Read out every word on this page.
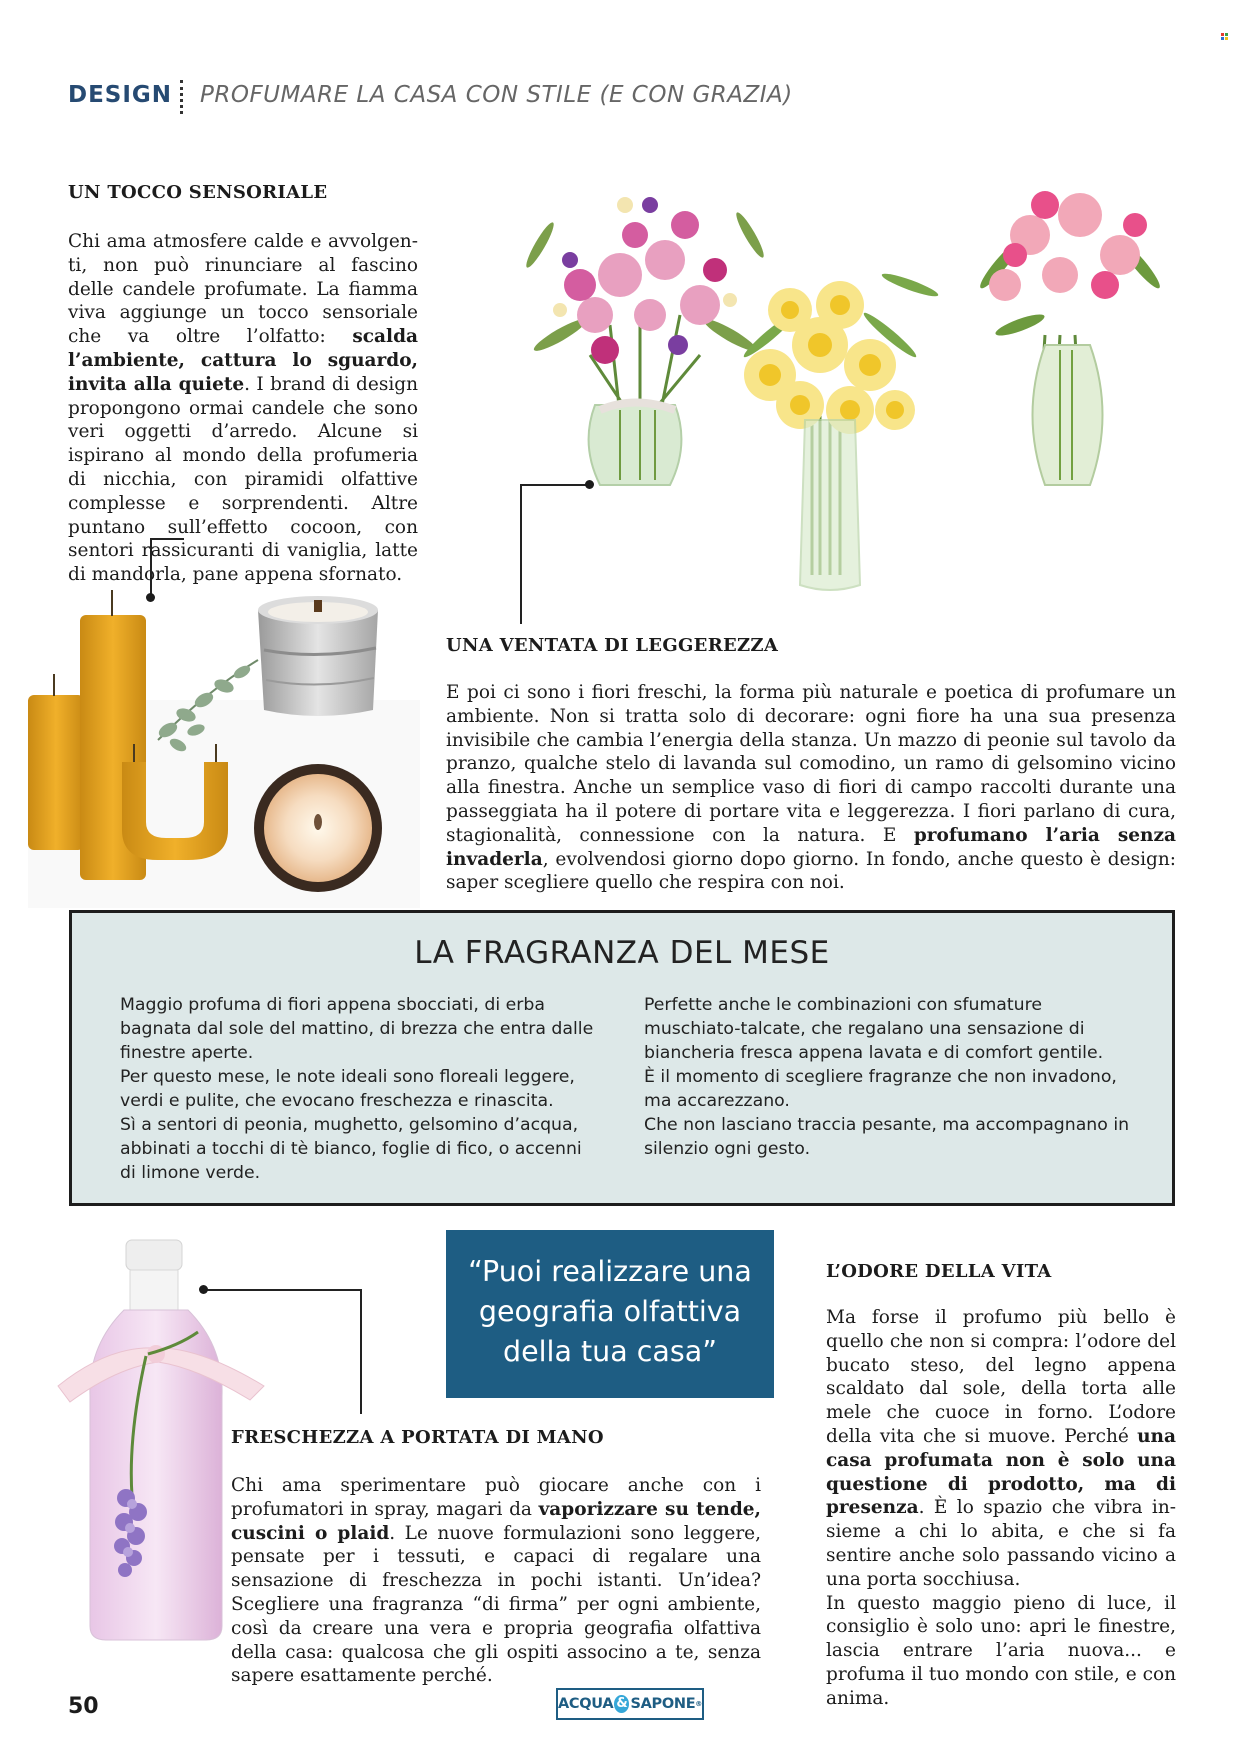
DESIGN PROFUMARE LA CASA CON STILE (E CON GRAZIA)
UN TOCCO SENSORIALE
Chi ama atmosfere calde e avvolgenti, non può rinunciare al fascino delle candele profumate. La fiamma viva aggiunge un tocco sensoriale che va oltre l’olfatto: scalda l’ambiente, cattura lo sguardo, invita alla quiete. I brand di design propongono ormai candele che sono veri oggetti d’arredo. Alcune si ispirano al mondo della profumeria di nicchia, con piramidi olfattive complesse e sorprendenti. Altre puntano sull’effetto cocoon, con sentori rassicuranti di vaniglia, latte di mandorla, pane appena sfornato.
UNA VENTATA DI LEGGEREZZA
E poi ci sono i fiori freschi, la forma più naturale e poetica di profumare un ambiente. Non si tratta solo di decorare: ogni fiore ha una sua presenza invisibile che cambia l’energia della stanza. Un mazzo di peonie sul tavolo da pranzo, qualche stelo di lavanda sul comodino, un ramo di gelsomino vicino alla finestra. Anche un semplice vaso di fiori di campo raccolti durante una passeggiata ha il potere di portare vita e leggerezza. I fiori parlano di cura, stagionalità, connessione con la natura. E profumano l’aria senza invaderla, evolvendosi giorno dopo giorno. In fondo, anche questo è design: saper scegliere quello che respira con noi.
LA FRAGRANZA DEL MESE

Maggio profuma di fiori appena sbocciati, di erba bagnata dal sole del mattino, di brezza che entra dalle finestre aperte.

Per questo mese, le note ideali sono floreali leggere, verdi e pulite, che evocano freschezza e rinascita.

Sì a sentori di peonia, mughetto, gelsomino d’acqua, abbinati a tocchi di tè bianco, foglie di fico, o accenni di limone verde.

Perfette anche le combinazioni con sfumature muschiato-talcate, che regalano una sensazione di biancheria fresca appena lavata e di comfort gentile.

È il momento di scegliere fragranze che non invadono, ma accarezzano.

Che non lasciano traccia pesante, ma accompagnano in silenzio ogni gesto.

“Puoi realizzare una geografia olfattiva della tua casa”
FRESCHEZZA A PORTATA DI MANO
Chi ama sperimentare può giocare anche con i profumatori in spray, magari da vaporizzare su tende, cuscini o plaid. Le nuove formulazioni sono leggere, pensate per i tessuti, e capaci di regalare una sensazione di freschezza in pochi istanti. Un’idea? Scegliere una fragranza “di firma” per ogni ambiente, così da creare una vera e propria geografia olfattiva della casa: qualcosa che gli ospiti associno a te, senza sapere esattamente perché.
L’ODORE DELLA VITA
Ma forse il profumo più bello è quello che non si compra: l’odore del bucato steso, del legno appena scaldato dal sole, della torta alle mele che cuoce in forno. L’odore della vita che si muove. Perché una casa profumata non è solo una questione di prodotto, ma di presenza. È lo spazio che vibra insieme a chi lo abita, e che si fa sentire anche solo passando vicino a una porta socchiusa.
In questo maggio pieno di luce, il consiglio è solo uno: apri le finestre, lascia entrare l’aria nuova... e profuma il tuo mondo con stile, e con anima.
50	ACQUA & SAPONE ®
